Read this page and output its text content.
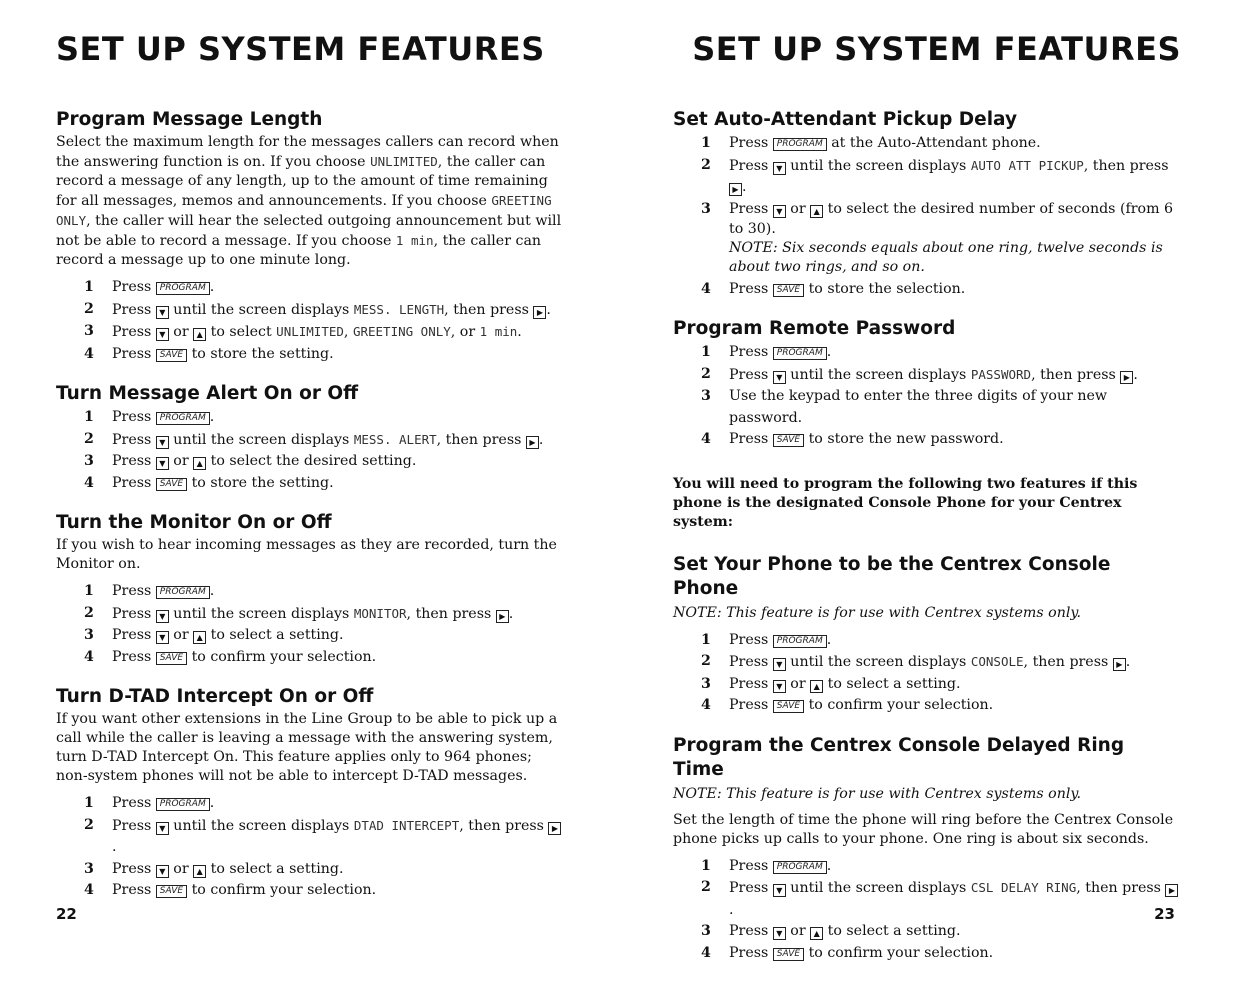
SET UP SYSTEM FEATURES
Program Message Length

Select the maximum length for the messages callers can record when the answering function is on. If you choose UNLIMITED, the caller can record a message of any length, up to the amount of time remaining for all messages, memos and announcements. If you choose GREETING ONLY, the caller will hear the selected outgoing announcement but will not be able to record a message. If you choose 1 min, the caller can record a message up to one minute long.

1 Press PROGRAM .
2 Press ▼ until the screen displays MESS. LENGTH, then press ▶ .
3 Press ▼ or ▲ to select UNLIMITED, GREETING ONLY, or 1 min.
4 Press SAVE to store the setting.
Turn Message Alert On or Off
1 Press PROGRAM .
2 Press ▼ until the screen displays MESS. ALERT, then press ▶ .
3 Press ▼ or ▲ to select the desired setting.
4 Press SAVE to store the setting.
Turn the Monitor On or Off

If you wish to hear incoming messages as they are recorded, turn the Monitor on.

1 Press PROGRAM .
2 Press ▼ until the screen displays MONITOR, then press ▶ .
3 Press ▼ or ▲ to select a setting.
4 Press SAVE to confirm your selection.
Turn D-TAD Intercept On or Off

If you want other extensions in the Line Group to be able to pick up a call while the caller is leaving a message with the answering system, turn D-TAD Intercept On. This feature applies only to 964 phones; non-system phones will not be able to intercept D-TAD messages.

1 Press PROGRAM .
2 Press ▼ until the screen displays DTAD INTERCEPT, then press ▶.
3 Press ▼ or ▲ to select a setting.
4 Press SAVE to confirm your selection.
22
SET UP SYSTEM FEATURES
Set Auto-Attendant Pickup Delay
1 Press PROGRAM at the Auto-Attendant phone.
2 Press ▼ until the screen displays AUTO ATT PICKUP, then press ▶ .
3 Press ▼ or ▲ to select the desired number of seconds (from 6 to 30).
NOTE: Six seconds equals about one ring, twelve seconds is about two rings, and so on.
4 Press SAVE to store the selection.
Program Remote Password
1 Press PROGRAM .
2 Press ▼ until the screen displays PASSWORD, then press ▶ .
3 Use the keypad to enter the three digits of your new password.
4 Press SAVE to store the new password.

You will need to program the following two features if this phone is the designated Console Phone for your Centrex system:

Set Your Phone to be the Centrex Console Phone

NOTE: This feature is for use with Centrex systems only.

1 Press PROGRAM .
2 Press ▼ until the screen displays CONSOLE, then press ▶ .
3 Press ▼ or ▲ to select a setting.
4 Press SAVE to confirm your selection.
Program the Centrex Console Delayed Ring Time

NOTE: This feature is for use with Centrex systems only.

Set the length of time the phone will ring before the Centrex Console phone picks up calls to your phone. One ring is about six seconds.

1 Press PROGRAM .
2 Press ▼ until the screen displays CSL DELAY RING, then press ▶.
3 Press ▼ or ▲ to select a setting.
4 Press SAVE to confirm your selection.
23
